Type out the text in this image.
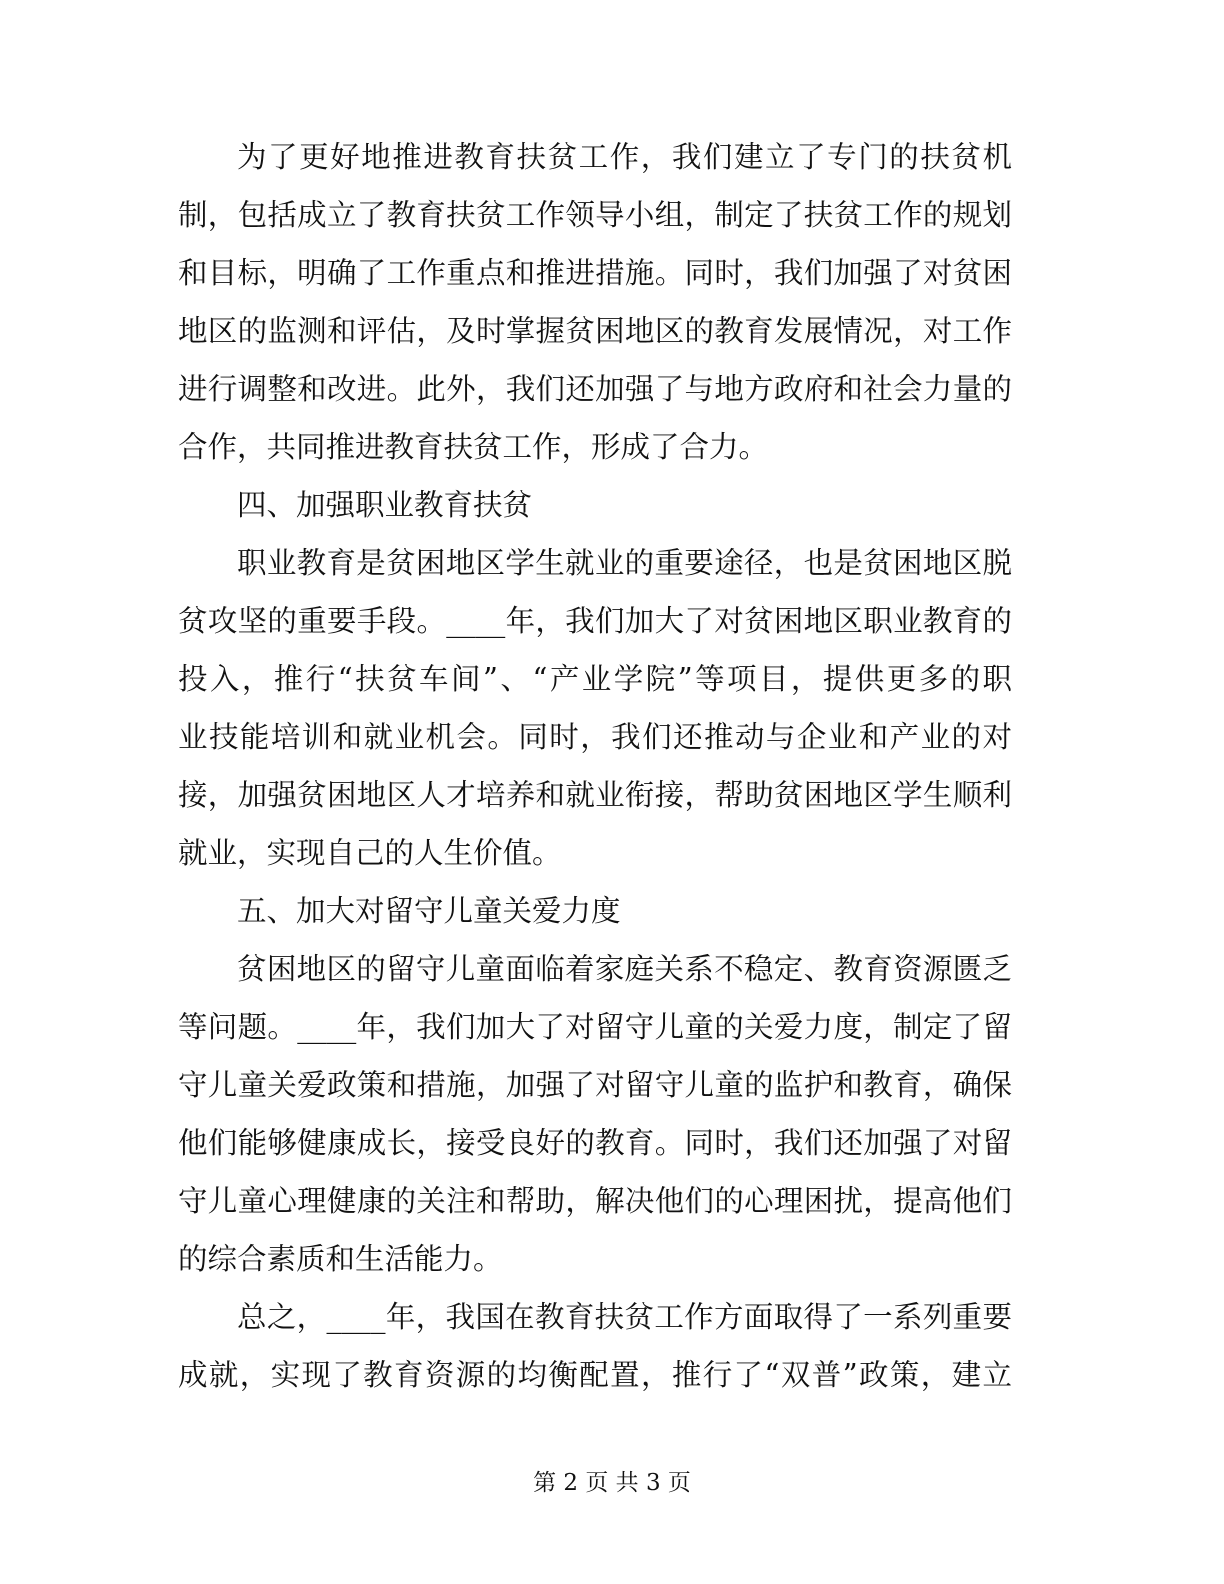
为了更好地推进教育扶贫工作，我们建立了专门的扶贫机
制，包括成立了教育扶贫工作领导小组，制定了扶贫工作的规划
和目标，明确了工作重点和推进措施。同时，我们加强了对贫困
地区的监测和评估，及时掌握贫困地区的教育发展情况，对工作
进行调整和改进。此外，我们还加强了与地方政府和社会力量的
合作，共同推进教育扶贫工作，形成了合力。
四、加强职业教育扶贫
职业教育是贫困地区学生就业的重要途径，也是贫困地区脱
贫攻坚的重要手段。____年，我们加大了对贫困地区职业教育的
投入，推行“扶贫车间”、“产业学院”等项目，提供更多的职
业技能培训和就业机会。同时，我们还推动与企业和产业的对
接，加强贫困地区人才培养和就业衔接，帮助贫困地区学生顺利
就业，实现自己的人生价值。
五、加大对留守儿童关爱力度
贫困地区的留守儿童面临着家庭关系不稳定、教育资源匮乏
等问题。____年，我们加大了对留守儿童的关爱力度，制定了留
守儿童关爱政策和措施，加强了对留守儿童的监护和教育，确保
他们能够健康成长，接受良好的教育。同时，我们还加强了对留
守儿童心理健康的关注和帮助，解决他们的心理困扰，提高他们
的综合素质和生活能力。
总之，____年，我国在教育扶贫工作方面取得了一系列重要
成就，实现了教育资源的均衡配置，推行了“双普”政策，建立
第 2 页 共 3 页
